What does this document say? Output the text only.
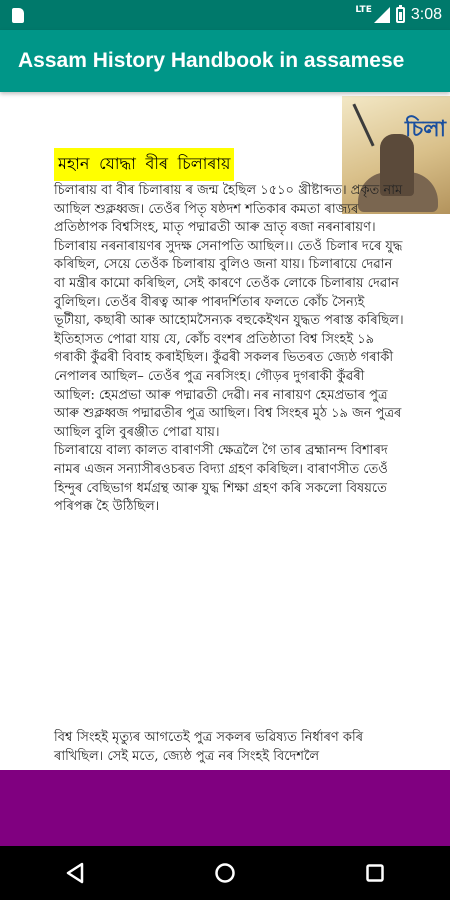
LTE 3:08
Assam History Handbook in assamese
চিলা
মহান যোদ্ধা বীৰ চিলাৰায়
চিলাৰায় বা বীৰ চিলাৰায় ৰ জন্ম হৈছিল ১৫১০ খ্ৰীষ্টাব্দত। প্ৰকৃত নাম আছিল শুক্লধ্বজ। তেওঁৰ পিতৃ ষষ্ঠদশ শতিকাৰ কমতা ৰাজ্যৰ প্ৰতিষ্ঠাপক বিশ্বসিংহ, মাতৃ পদ্মাৱতী আৰু ভ্ৰাতৃ ৰজা নৰনাৰায়ণ। চিলাৰায় নৰনাৰায়ণৰ সুদক্ষ সেনাপতি আছিল।। তেওঁ চিলাৰ দৰে যুদ্ধ কৰিছিল, সেয়ে তেওঁক চিলাৰায় বুলিও জনা যায়। চিলাৰায়ে দেৱান বা মন্ত্ৰীৰ কামো কৰিছিল, সেই কাৰণে তেওঁক লোকে চিলাৰায় দেৱান বুলিছিল। তেওঁৰ বীৰত্ব আৰু পাৰদৰ্শিতাৰ ফলতে কোঁচ সৈন্যই ভূটীয়া, কছাৰী আৰু আহোমসৈন্যক বহুকেইখন যুদ্ধত পৰাস্ত কৰিছিল। ইতিহাসত পোৱা যায় যে, কোঁচ বংশৰ প্ৰতিষ্ঠাতা বিশ্ব সিংহই ১৯ গৰাকী কুঁৱৰী বিবাহ কৰাইছিল। কুঁৱৰী সকলৰ ভিতৰত জ্যেষ্ঠ গৰাকী নেপালৰ আছিল– তেওঁৰ পুত্ৰ নৰসিংহ। গৌড়ৰ দুগৰাকী কুঁৱৰী আছিল: হেমপ্ৰভা আৰু পদ্মাৱতী দেৱী। নৰ নাৰায়ণ হেমপ্ৰভাৰ পুত্ৰ আৰু শুক্লধ্বজ পদ্মাৱতীৰ পুত্ৰ আছিল। বিশ্ব সিংহৰ মুঠ ১৯ জন পুত্ৰৰ আছিল বুলি বুৰঞ্জীত পোৱা যায়।
চিলাৰায়ে বাল্য কালত বাৰাণসী ক্ষেত্ৰলৈ গৈ তাৰ ব্ৰহ্মানন্দ বিশাৰদ নামৰ এজন সন্যাসীৰওচৰত বিদ্যা গ্ৰহণ কৰিছিল। বাৰাণসীত তেওঁ হিন্দুৰ বেছিভাগ ধৰ্মগ্ৰন্থ আৰু যুদ্ধ শিক্ষা গ্ৰহণ কৰি সকলো বিষয়তে পৰিপক্ক হৈ উঠিছিল।
বিশ্ব সিংহই মৃত্যুৰ আগতেই পুত্ৰ সকলৰ ভৱিষ্যত নিৰ্ধাৰণ কৰি ৰাখিছিল। সেই মতে, জ্যেষ্ঠ পুত্ৰ নৰ সিংহই বিদেশলৈ
